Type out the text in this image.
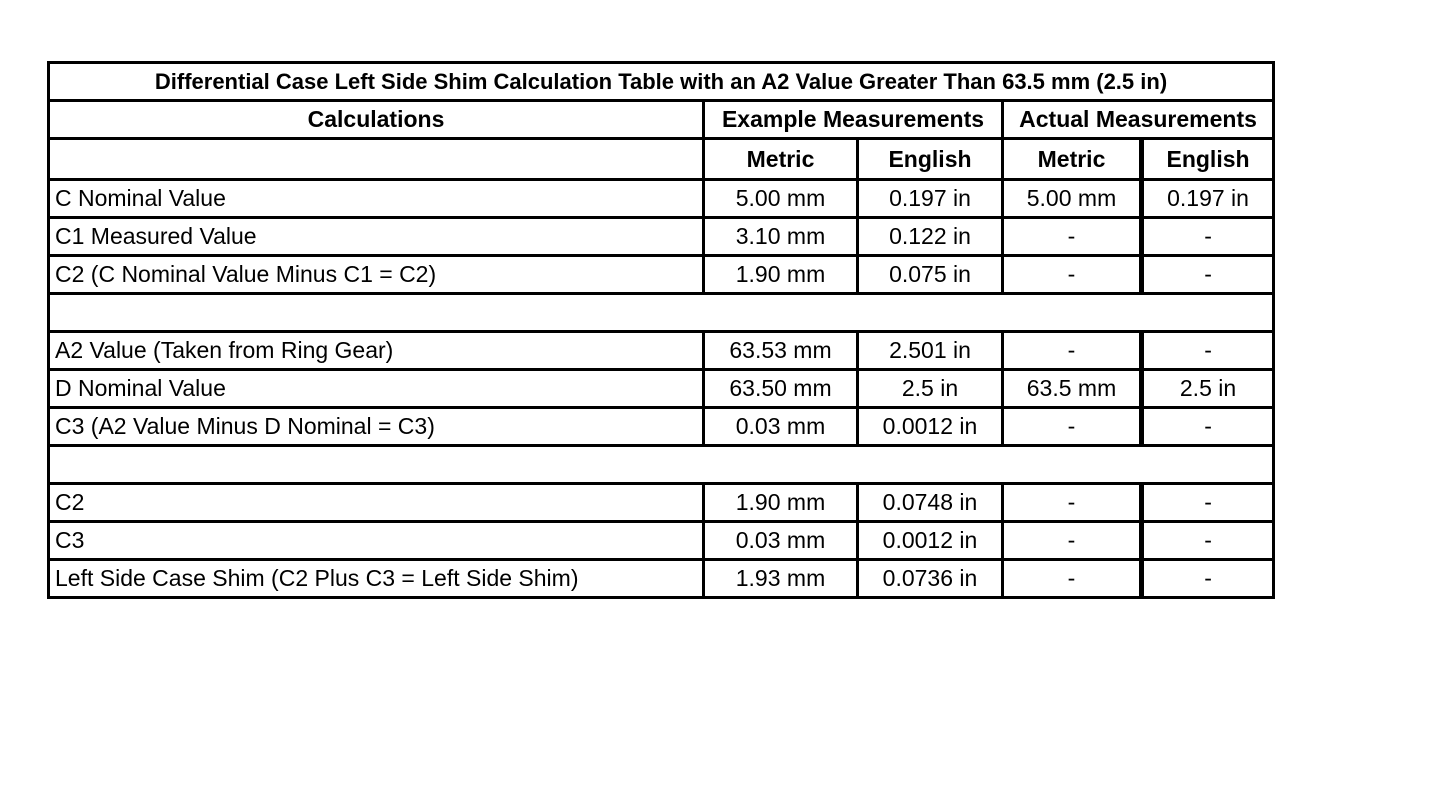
Differential Case Left Side Shim Calculation Table with an A2 Value Greater Than 63.5 mm (2.5 in)				
Calculations	Example Measurements		Actual Measurements	
	Metric	English	Metric	English
C Nominal Value	5.00 mm	0.197 in	5.00 mm	0.197 in
C1 Measured Value	3.10 mm	0.122 in	-	-
C2 (C Nominal Value Minus C1 = C2)	1.90 mm	0.075 in	-	-

A2 Value (Taken from Ring Gear)	63.53 mm	2.501 in	-	-
D Nominal Value	63.50 mm	2.5 in	63.5 mm	2.5 in
C3 (A2 Value Minus D Nominal = C3)	0.03 mm	0.0012 in	-	-

C2	1.90 mm	0.0748 in	-	-
C3	0.03 mm	0.0012 in	-	-
Left Side Case Shim (C2 Plus C3 = Left Side Shim)	1.93 mm	0.0736 in	-	-
